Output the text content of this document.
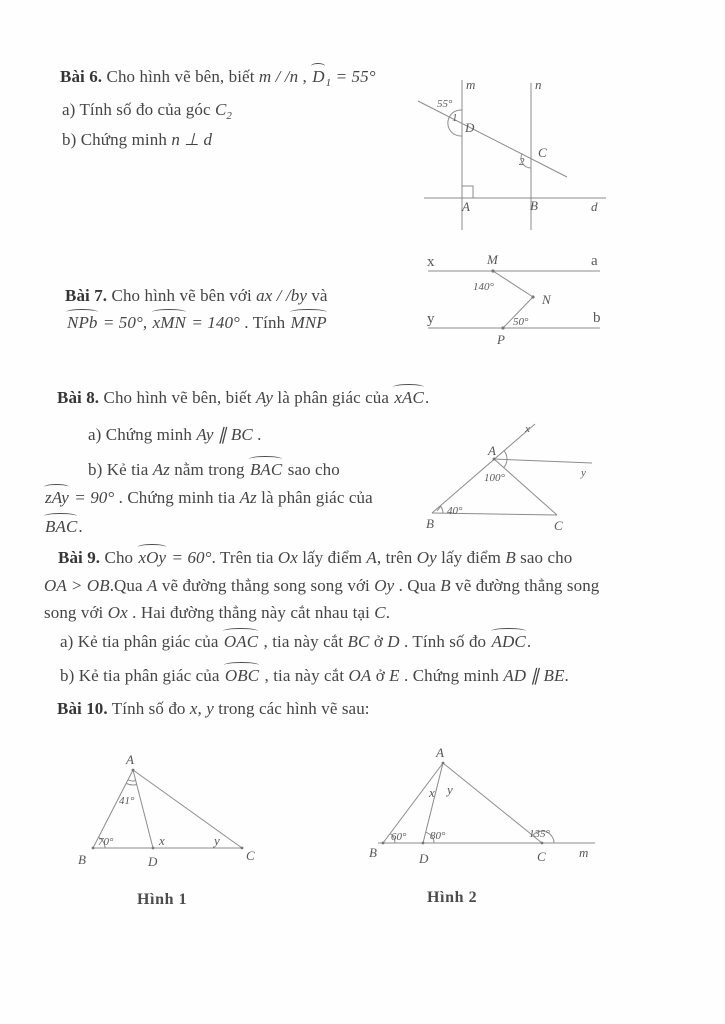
Bài 6. Cho hình vẽ bên, biết m / /n , $D_1 = 55^\circ$
a) Tính số đo của góc $C_2$
b) Chứng minh n ⊥ d
m	n
55°
1
D
C
2
A	B	d
Bài 7. Cho hình vẽ bên với ax / /by và
NPb = 50°, xMN = 140° . Tính MNP
x	M	a
140°
N
y	b
50°
P
Bài 8. Cho hình vẽ bên, biết Ay là phân giác của xAC.
a) Chứng minh Ay ∥ BC .
b) Kẻ tia Az nằm trong BAC sao cho
zAy = 90° . Chứng minh tia Az là phân giác của
BAC.
x
A
y
100°
40°
B	C
Bài 9. Cho xOy = 60°. Trên tia Ox lấy điểm A, trên Oy lấy điểm B sao cho
OA > OB.Qua A vẽ đường thẳng song song với Oy . Qua B vẽ đường thẳng song
song với Ox . Hai đường thẳng này cắt nhau tại C.
a) Kẻ tia phân giác của OAC , tia này cắt BC ở D . Tính số đo ADC.
b) Kẻ tia phân giác của OBC , tia này cắt OA ở E . Chứng minh AD ∥ BE.
Bài 10. Tính số đo x, y trong các hình vẽ sau:
A
41°
70°	x	y
B	D	C
A
x y
60° 80°	135°
B	D	C	m
Hình 1	Hình 2
